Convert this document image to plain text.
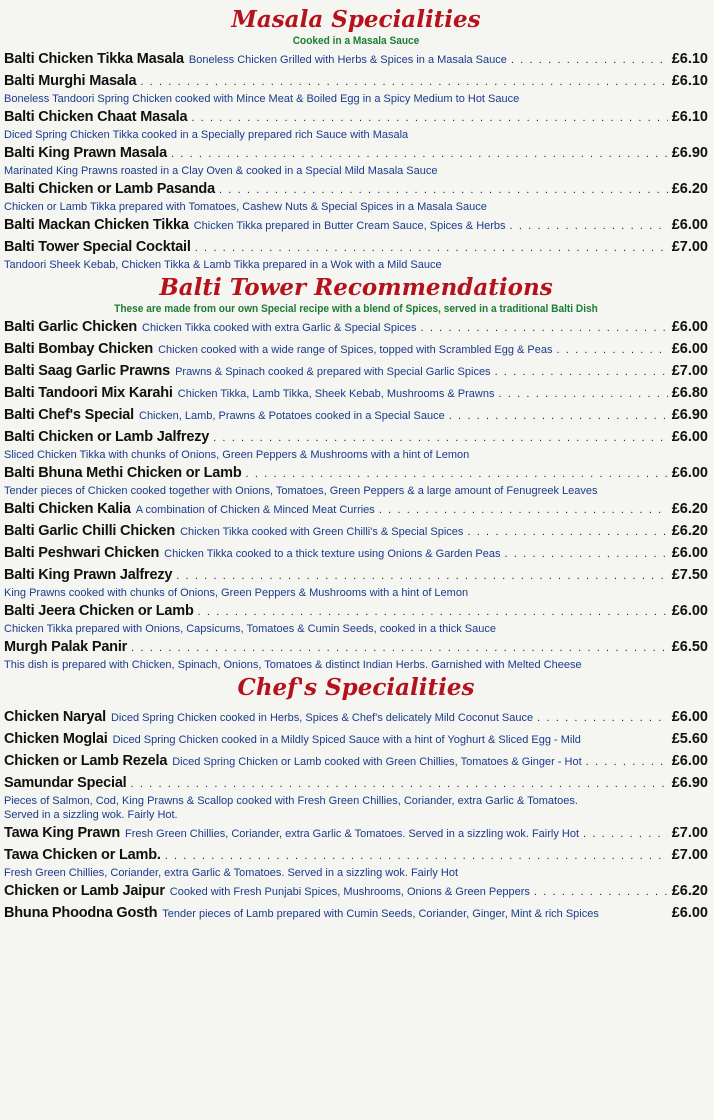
Masala Specialities
Cooked in a Masala Sauce
Balti Chicken Tikka Masala Boneless Chicken Grilled with Herbs & Spices in a Masala Sauce . . .	£6.10
Balti Murghi Masala . . .	£6.10
Boneless Tandoori Spring Chicken cooked with Mince Meat & Boiled Egg in a Spicy Medium to Hot Sauce
Balti Chicken Chaat Masala . . .	£6.10
Diced Spring Chicken Tikka cooked in a Specially prepared rich Sauce with Masala
Balti King Prawn Masala . . .	£6.90
Marinated King Prawns roasted in a Clay Oven & cooked in a Special Mild Masala Sauce
Balti Chicken or Lamb Pasanda . . .	£6.20
Chicken or Lamb Tikka prepared with Tomatoes, Cashew Nuts & Special Spices in a Masala Sauce
Balti Mackan Chicken Tikka Chicken Tikka prepared in Butter Cream Sauce, Spices & Herbs . . .	£6.00
Balti Tower Special Cocktail . . .	£7.00
Tandoori Sheek Kebab, Chicken Tikka & Lamb Tikka prepared in a Wok with a Mild Sauce
Balti Tower Recommendations
These are made from our own Special recipe with a blend of Spices, served in a traditional Balti Dish
Balti Garlic Chicken Chicken Tikka cooked with extra Garlic & Special Spices . . .	£6.00
Balti Bombay Chicken Chicken cooked with a wide range of Spices, topped with Scrambled Egg & Peas . . .	£6.00
Balti Saag Garlic Prawns Prawns & Spinach cooked & prepared with Special Garlic Spices . . .	£7.00
Balti Tandoori Mix Karahi Chicken Tikka, Lamb Tikka, Sheek Kebab, Mushrooms & Prawns . . .	£6.80
Balti Chef's Special Chicken, Lamb, Prawns & Potatoes cooked in a Special Sauce . . .	£6.90
Balti Chicken or Lamb Jalfrezy . . .	£6.00
Sliced Chicken Tikka with chunks of Onions, Green Peppers & Mushrooms with a hint of Lemon
Balti Bhuna Methi Chicken or Lamb . . .	£6.00
Tender pieces of Chicken cooked together with Onions, Tomatoes, Green Peppers & a large amount of Fenugreek Leaves
Balti Chicken Kalia A combination of Chicken & Minced Meat Curries . . .	£6.20
Balti Garlic Chilli Chicken Chicken Tikka cooked with Green Chilli's & Special Spices . . .	£6.20
Balti Peshwari Chicken Chicken Tikka cooked to a thick texture using Onions & Garden Peas . . .	£6.00
Balti King Prawn Jalfrezy . . .	£7.50
King Prawns cooked with chunks of Onions, Green Peppers & Mushrooms with a hint of Lemon
Balti Jeera Chicken or Lamb . . .	£6.00
Chicken Tikka prepared with Onions, Capsicums, Tomatoes & Cumin Seeds, cooked in a thick Sauce
Murgh Palak Panir . . .	£6.50
This dish is prepared with Chicken, Spinach, Onions, Tomatoes & distinct Indian Herbs. Garnished with Melted Cheese
Chef's Specialities
Chicken Naryal Diced Spring Chicken cooked in Herbs, Spices & Chef's delicately Mild Coconut Sauce . . .	£6.00
Chicken Moglai Diced Spring Chicken cooked in a Mildly Spiced Sauce with a hint of Yoghurt & Sliced Egg - Mild	£5.60
Chicken or Lamb Rezela Diced Spring Chicken or Lamb cooked with Green Chillies, Tomatoes & Ginger - Hot . . .	£6.00
Samundar Special . . .	£6.90
Pieces of Salmon, Cod, King Prawns & Scallop cooked with Fresh Green Chillies, Coriander, extra Garlic & Tomatoes.
Served in a sizzling wok. Fairly Hot.
Tawa King Prawn Fresh Green Chillies, Coriander, extra Garlic & Tomatoes. Served in a sizzling wok. Fairly Hot . . .	£7.00
Tawa Chicken or Lamb. . . .	£7.00
Fresh Green Chillies, Coriander, extra Garlic & Tomatoes. Served in a sizzling wok. Fairly Hot
Chicken or Lamb Jaipur Cooked with Fresh Punjabi Spices, Mushrooms, Onions & Green Peppers . . .	£6.20
Bhuna Phoodna Gosth Tender pieces of Lamb prepared with Cumin Seeds, Coriander, Ginger, Mint & rich Spices	£6.00
